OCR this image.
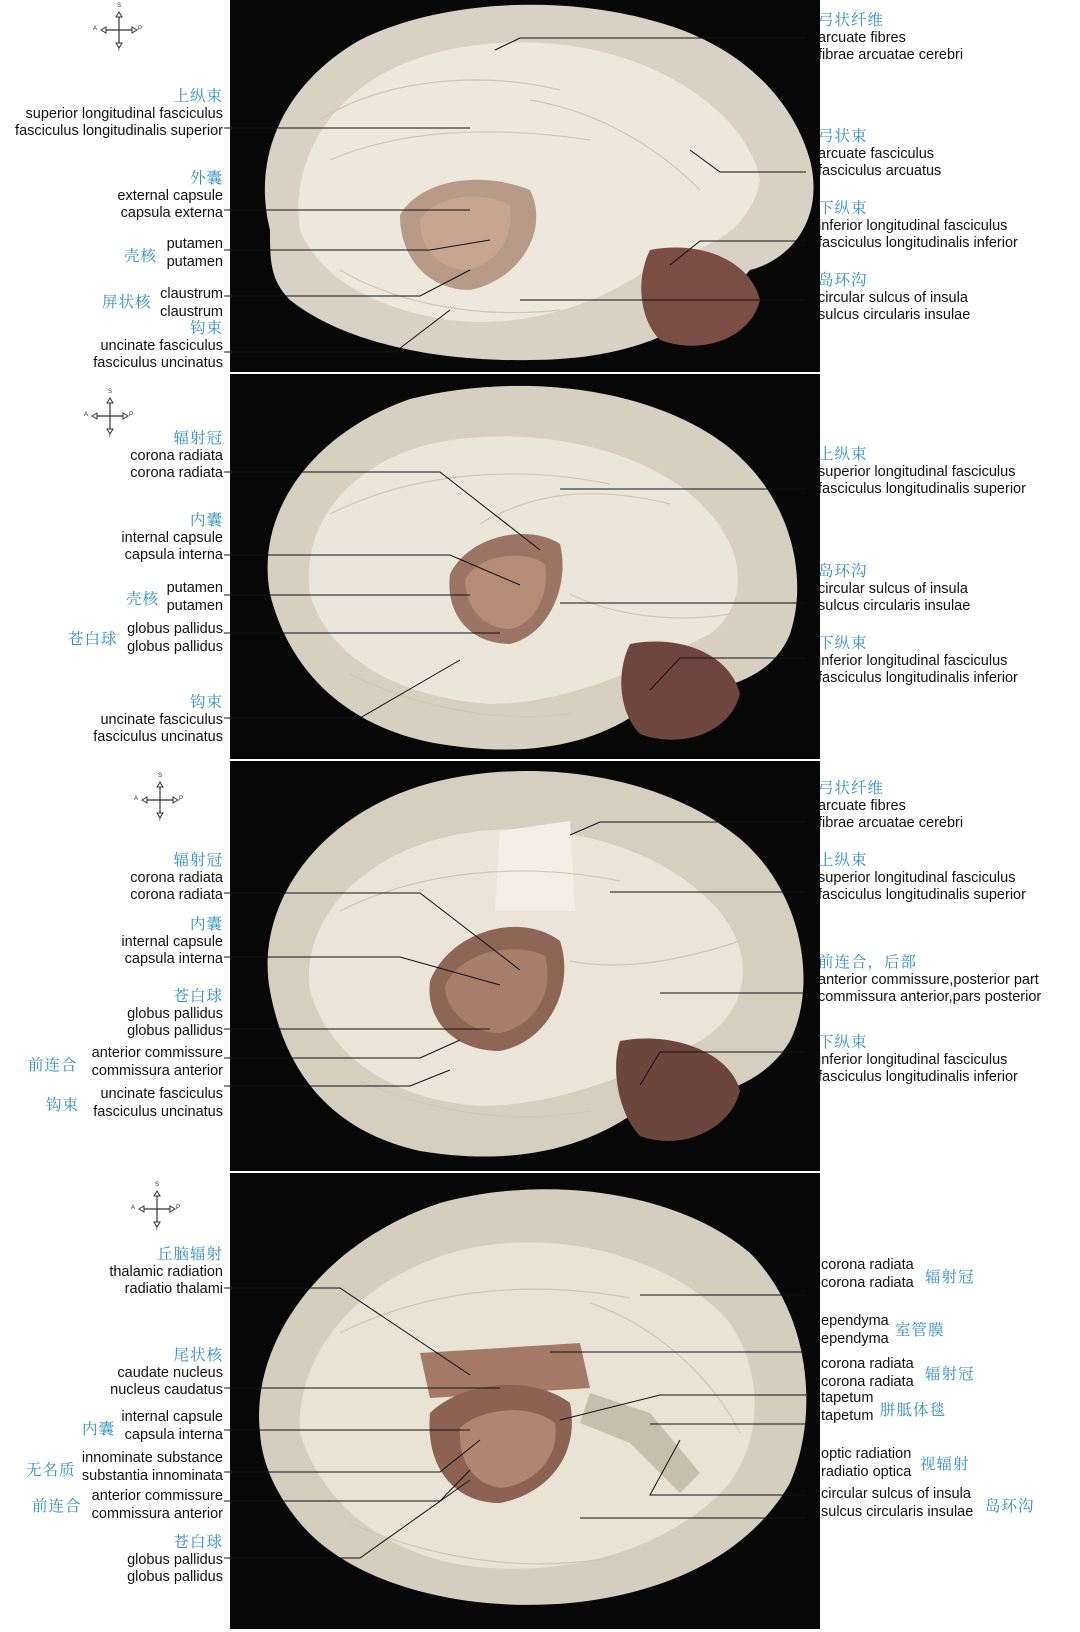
S
I
A	P
上纵束
superior longitudinal fasciculus
fasciculus longitudinalis superior
外囊
external capsule
capsula externa
壳核
putamen
putamen
屏状核 claustrum
claustrum
钩束
uncinate fasciculus
fasciculus uncinatus
弓状纤维
arcuate fibres
fibrae arcuatae cerebri
弓状束
arcuate fasciculus
fasciculus arcuatus
下纵束
inferior longitudinal fasciculus
fasciculus longitudinalis inferior
岛环沟
circular sulcus of insula
sulcus circularis insulae
S
I
A	P
辐射冠
corona radiata
corona radiata
内囊
internal capsule
capsula interna
壳核
putamen
putamen
苍白球
globus pallidus
globus pallidus
钩束
uncinate fasciculus
fasciculus uncinatus
上纵束
superior longitudinal fasciculus
fasciculus longitudinalis superior
岛环沟
circular sulcus of insula
sulcus circularis insulae
下纵束
inferior longitudinal fasciculus
fasciculus longitudinalis inferior
S
I
A	P
辐射冠
corona radiata
corona radiata
内囊
internal capsule
capsula interna
苍白球
globus pallidus
globus pallidus
前连合
anterior commissure
commissura anterior
钩束
uncinate fasciculus
fasciculus uncinatus
弓状纤维
arcuate fibres
fibrae arcuatae cerebri
上纵束
superior longitudinal fasciculus
fasciculus longitudinalis superior
前连合，后部
anterior commissure,posterior part
commissura anterior,pars posterior
下纵束
inferior longitudinal fasciculus
fasciculus longitudinalis inferior
S
I
A	P
丘脑辐射
thalamic radiation
radiatio thalami
尾状核
caudate nucleus
nucleus caudatus
内囊
internal capsule
capsula interna
无名质
innominate substance
substantia innominata
前连合
anterior commissure
commissura anterior
苍白球
globus pallidus
globus pallidus
corona radiata
corona radiata 辐射冠
ependyma
ependyma 室管膜
corona radiata
corona radiata 辐射冠
tapetum
tapetum 胼胝体毯
optic radiation
radiatio optica 视辐射
circular sulcus of insula
sulcus circularis insulae 岛环沟
